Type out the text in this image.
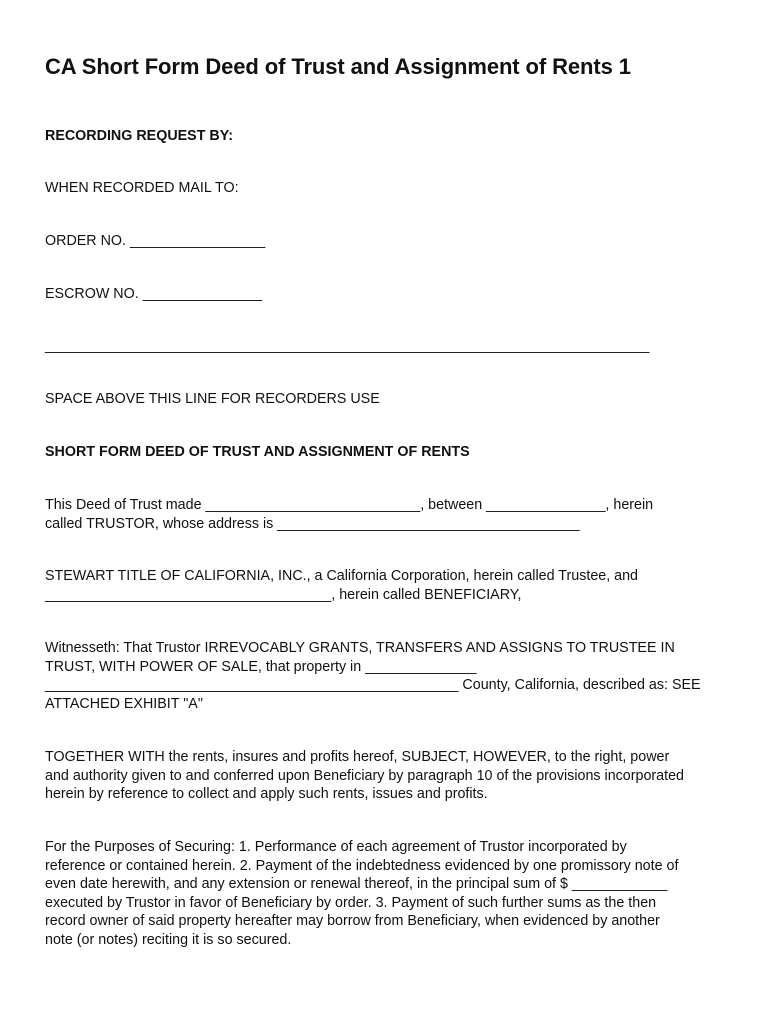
CA Short Form Deed of Trust and Assignment of Rents 1
RECORDING REQUEST BY:
WHEN RECORDED MAIL TO:
ORDER NO. _________________
ESCROW NO. _______________
____________________________________________________________________________
SPACE ABOVE THIS LINE FOR RECORDERS USE
SHORT FORM DEED OF TRUST AND ASSIGNMENT OF RENTS
This Deed of Trust made ___________________________, between _______________, herein
called TRUSTOR, whose address is ______________________________________
STEWART TITLE OF CALIFORNIA, INC., a California Corporation, herein called Trustee, and
____________________________________, herein called BENEFICIARY,
Witnesseth: That Trustor IRREVOCABLY GRANTS, TRANSFERS AND ASSIGNS TO TRUSTEE IN
TRUST, WITH POWER OF SALE, that property in ______________
____________________________________________________ County, California, described as: SEE
ATTACHED EXHIBIT "A"
TOGETHER WITH the rents, insures and profits hereof, SUBJECT, HOWEVER, to the right, power
and authority given to and conferred upon Beneficiary by paragraph 10 of the provisions incorporated
herein by reference to collect and apply such rents, issues and profits.
For the Purposes of Securing: 1. Performance of each agreement of Trustor incorporated by
reference or contained herein. 2. Payment of the indebtedness evidenced by one promissory note of
even date herewith, and any extension or renewal thereof, in the principal sum of $ ____________
executed by Trustor in favor of Beneficiary by order. 3. Payment of such further sums as the then
record owner of said property hereafter may borrow from Beneficiary, when evidenced by another
note (or notes) reciting it is so secured.
